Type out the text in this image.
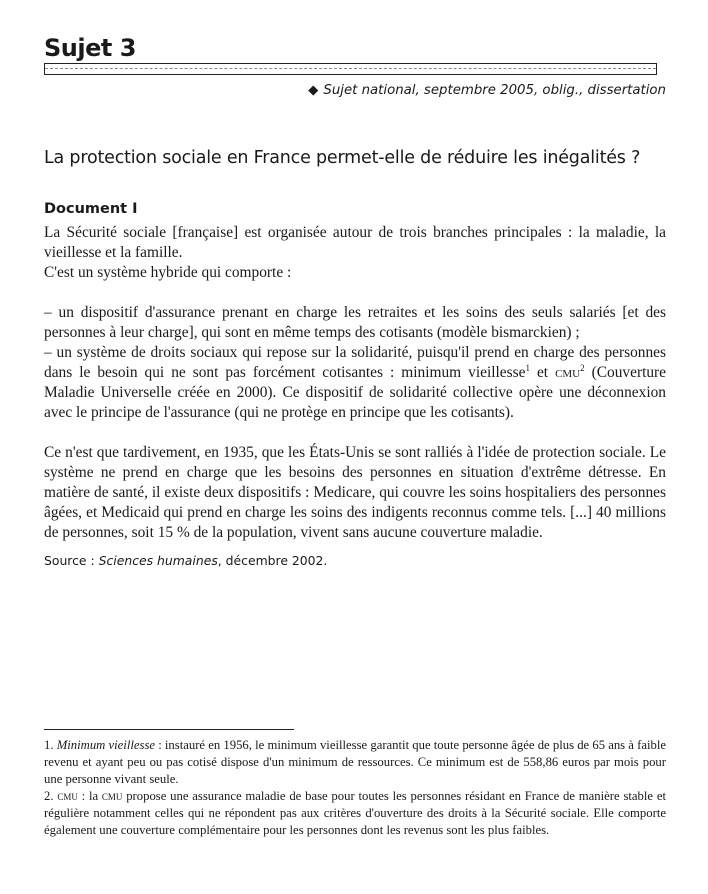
Sujet 3
◆ Sujet national, septembre 2005, oblig., dissertation
La protection sociale en France permet-elle de réduire les inégalités ?
Document I

La Sécurité sociale [française] est organisée autour de trois branches principales : la maladie, la vieillesse et la famille.

C'est un système hybride qui comporte :

– un dispositif d'assurance prenant en charge les retraites et les soins des seuls salariés [et des personnes à leur charge], qui sont en même temps des cotisants (modèle bismarckien) ;

– un système de droits sociaux qui repose sur la solidarité, puisqu'il prend en charge des personnes dans le besoin qui ne sont pas forcément cotisantes : minimum vieillesse$^1$ et cmu$^2$ (Couverture Maladie Universelle créée en 2000). Ce dispositif de solidarité collective opère une déconnexion avec le principe de l'assurance (qui ne protège en principe que les cotisants).

Ce n'est que tardivement, en 1935, que les États-Unis se sont ralliés à l'idée de protection sociale. Le système ne prend en charge que les besoins des personnes en situation d'extrême détresse. En matière de santé, il existe deux dispositifs : Medicare, qui couvre les soins hospitaliers des personnes âgées, et Medicaid qui prend en charge les soins des indigents reconnus comme tels. [...] 40 millions de personnes, soit 15 % de la population, vivent sans aucune couverture maladie.

Source : Sciences humaines, décembre 2002.

1. Minimum vieillesse : instauré en 1956, le minimum vieillesse garantit que toute personne âgée de plus de 65 ans à faible revenu et ayant peu ou pas cotisé dispose d'un minimum de ressources. Ce minimum est de 558,86 euros par mois pour une personne vivant seule.

2. cmu : la cmu propose une assurance maladie de base pour toutes les personnes résidant en France de manière stable et régulière notamment celles qui ne répondent pas aux critères d'ouverture des droits à la Sécurité sociale. Elle comporte également une couverture complémentaire pour les personnes dont les revenus sont les plus faibles.
